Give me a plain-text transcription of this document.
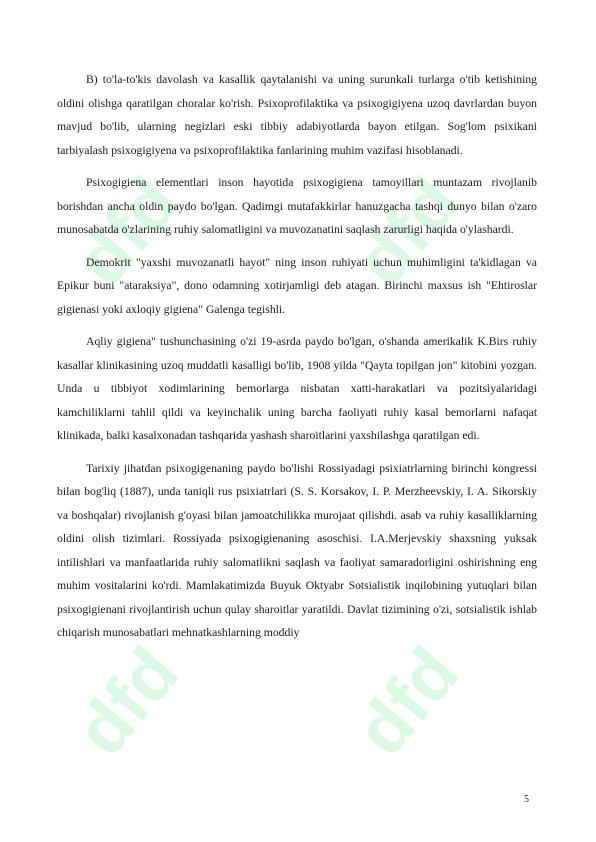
dfd dfd
dfd dfd

B) to'la-to'kis davolash va kasallik qaytalanishi va uning surunkali turlarga o'tib ketishining oldini olishga qaratilgan choralar ko'rish. Psixoprofilaktika va psixogigiyena uzoq davrlardan buyon mavjud bo'lib, ularning negizlari eski tibbiy adabiyotlarda bayon etilgan. Sog'lom psixikani tarbiyalash psixogigiyena va psixoprofilaktika fanlarining muhim vazifasi hisoblanadi.

Psixogigiena elementlari inson hayotida psixogigiena tamoyillari muntazam rivojlanib borishdan ancha oldin paydo bo'lgan. Qadimgi mutafakkirlar hanuzgacha tashqi dunyo bilan o'zaro munosabatda o'zlarining ruhiy salomatligini va muvozanatini saqlash zarurligi haqida o'ylashardi.

Demokrit "yaxshi muvozanatli hayot" ning inson ruhiyati uchun muhimligini ta'kidlagan va Epikur buni "ataraksiya", dono odamning xotirjamligi deb atagan. Birinchi maxsus ish "Ehtiroslar gigienasi yoki axloqiy gigiena" Galenga tegishli.

Aqliy gigiena" tushunchasining o'zi 19-asrda paydo bo'lgan, o'shanda amerikalik K.Birs ruhiy kasallar klinikasining uzoq muddatli kasalligi bo'lib, 1908 yilda "Qayta topilgan jon" kitobini yozgan. Unda u tibbiyot xodimlarining bemorlarga nisbatan xatti-harakatlari va pozitsiyalaridagi kamchiliklarni tahlil qildi va keyinchalik uning barcha faoliyati ruhiy kasal bemorlarni nafaqat klinikada, balki kasalxonadan tashqarida yashash sharoitlarini yaxshilashga qaratilgan edi.

Tarixiy jihatdan psixogigenaning paydo bo'lishi Rossiyadagi psixiatrlarning birinchi kongressi bilan bog'liq (1887), unda taniqli rus psixiatrlari (S. S. Korsakov, I. P. Merzheevskiy, I. A. Sikorskiy va boshqalar) rivojlanish g'oyasi bilan jamoatchilikka murojaat qilishdi. asab va ruhiy kasalliklarning oldini olish tizimlari. Rossiyada psixogigienaning asoschisi. I.A.Merjevskiy shaxsning yuksak intilishlari va manfaatlarida ruhiy salomatlikni saqlash va faoliyat samaradorligini oshirishning eng muhim vositalarini ko'rdi. Mamlakatimizda Buyuk Oktyabr Sotsialistik inqilobining yutuqlari bilan psixogigienani rivojlantirish uchun qulay sharoitlar yaratildi. Davlat tizimining o'zi, sotsialistik ishlab chiqarish munosabatlari mehnatkashlarning moddiy

5
